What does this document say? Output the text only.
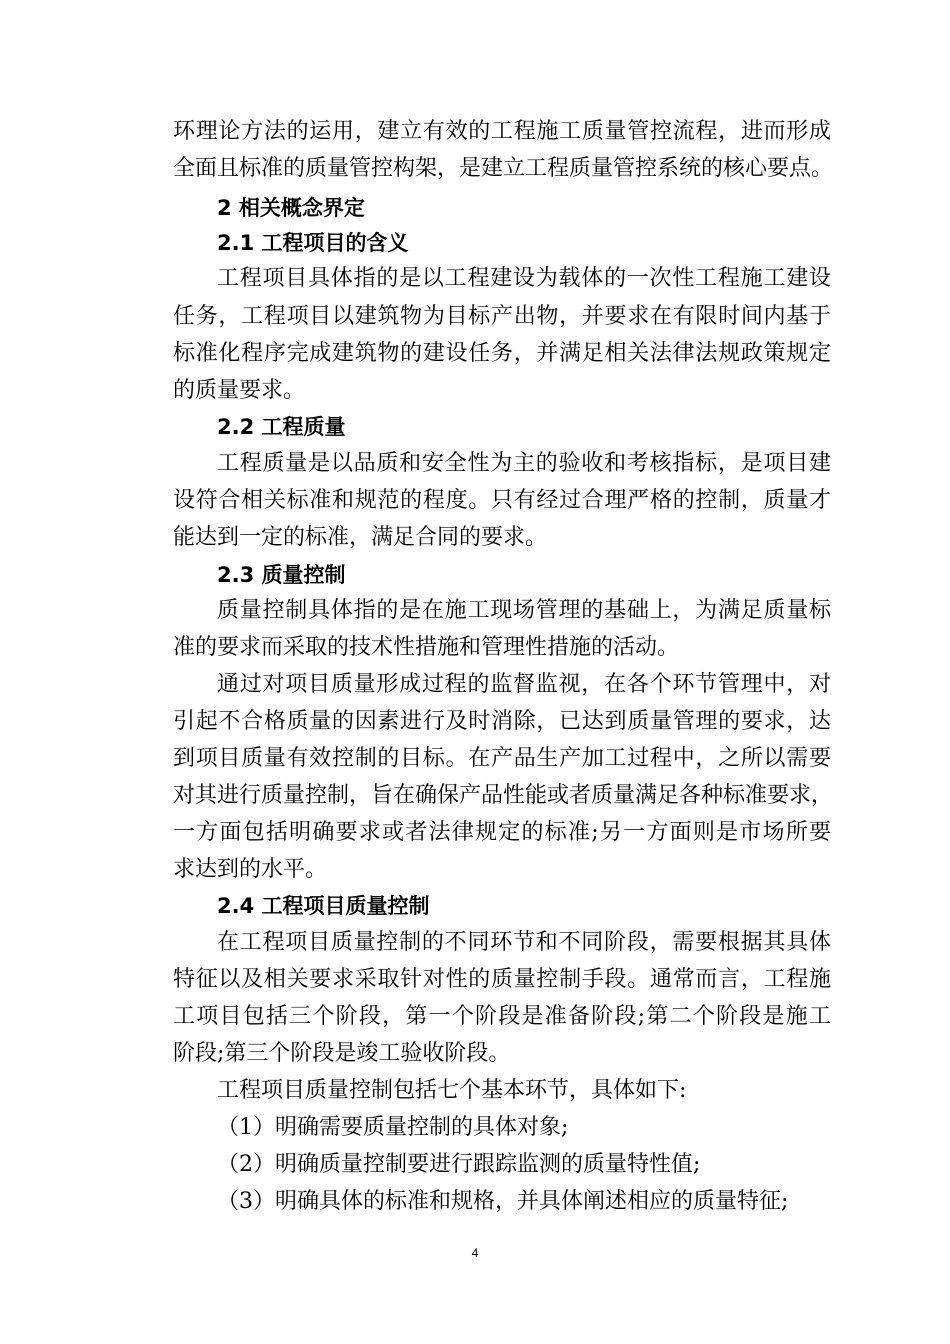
环理论方法的运用，建立有效的工程施工质量管控流程，进而形成
全面且标准的质量管控构架，是建立工程质量管控系统的核心要点。
2 相关概念界定
2.1 工程项目的含义
工程项目具体指的是以工程建设为载体的一次性工程施工建设
任务，工程项目以建筑物为目标产出物，并要求在有限时间内基于
标准化程序完成建筑物的建设任务，并满足相关法律法规政策规定
的质量要求。
2.2 工程质量
工程质量是以品质和安全性为主的验收和考核指标，是项目建
设符合相关标准和规范的程度。只有经过合理严格的控制，质量才
能达到一定的标准，满足合同的要求。
2.3 质量控制
质量控制具体指的是在施工现场管理的基础上，为满足质量标
准的要求而采取的技术性措施和管理性措施的活动。
通过对项目质量形成过程的监督监视，在各个环节管理中，对
引起不合格质量的因素进行及时消除，已达到质量管理的要求，达
到项目质量有效控制的目标。在产品生产加工过程中，之所以需要
对其进行质量控制，旨在确保产品性能或者质量满足各种标准要求，
一方面包括明确要求或者法律规定的标准;另一方面则是市场所要
求达到的水平。
2.4 工程项目质量控制
在工程项目质量控制的不同环节和不同阶段，需要根据其具体
特征以及相关要求采取针对性的质量控制手段。通常而言，工程施
工项目包括三个阶段，第一个阶段是准备阶段;第二个阶段是施工
阶段;第三个阶段是竣工验收阶段。
工程项目质量控制包括七个基本环节，具体如下:
（1）明确需要质量控制的具体对象;
（2）明确质量控制要进行跟踪监测的质量特性值;
（3）明确具体的标准和规格，并具体阐述相应的质量特征;
4
